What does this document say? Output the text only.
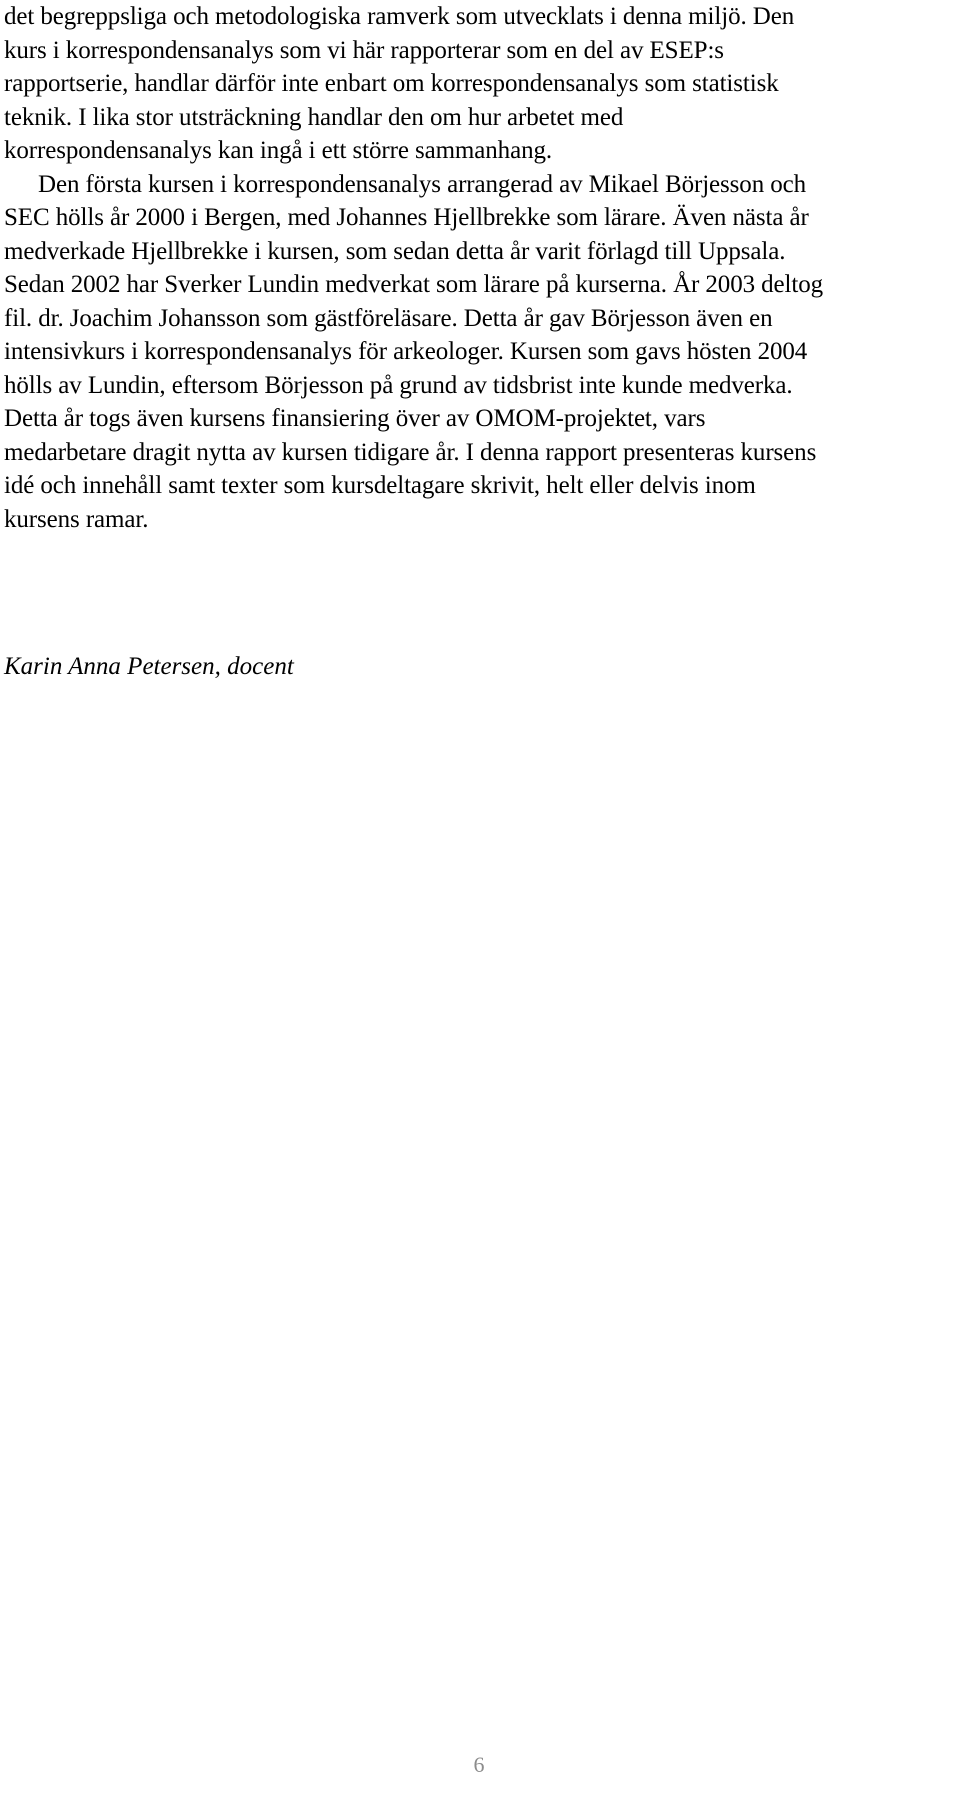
det begreppsliga och metodologiska ramverk som utvecklats i denna miljö. Den
kurs i korrespondensanalys som vi här rapporterar som en del av ESEP:s
rapportserie, handlar därför inte enbart om korrespondensanalys som statistisk
teknik. I lika stor utsträckning handlar den om hur arbetet med
korrespondensanalys kan ingå i ett större sammanhang.
Den första kursen i korrespondensanalys arrangerad av Mikael Börjesson och
SEC hölls år 2000 i Bergen, med Johannes Hjellbrekke som lärare. Även nästa år
medverkade Hjellbrekke i kursen, som sedan detta år varit förlagd till Uppsala.
Sedan 2002 har Sverker Lundin medverkat som lärare på kurserna. År 2003 deltog
fil. dr. Joachim Johansson som gästföreläsare. Detta år gav Börjesson även en
intensivkurs i korrespondensanalys för arkeologer. Kursen som gavs hösten 2004
hölls av Lundin, eftersom Börjesson på grund av tidsbrist inte kunde medverka.
Detta år togs även kursens finansiering över av OMOM-projektet, vars
medarbetare dragit nytta av kursen tidigare år. I denna rapport presenteras kursens
idé och innehåll samt texter som kursdeltagare skrivit, helt eller delvis inom
kursens ramar.
Karin Anna Petersen, docent
6
